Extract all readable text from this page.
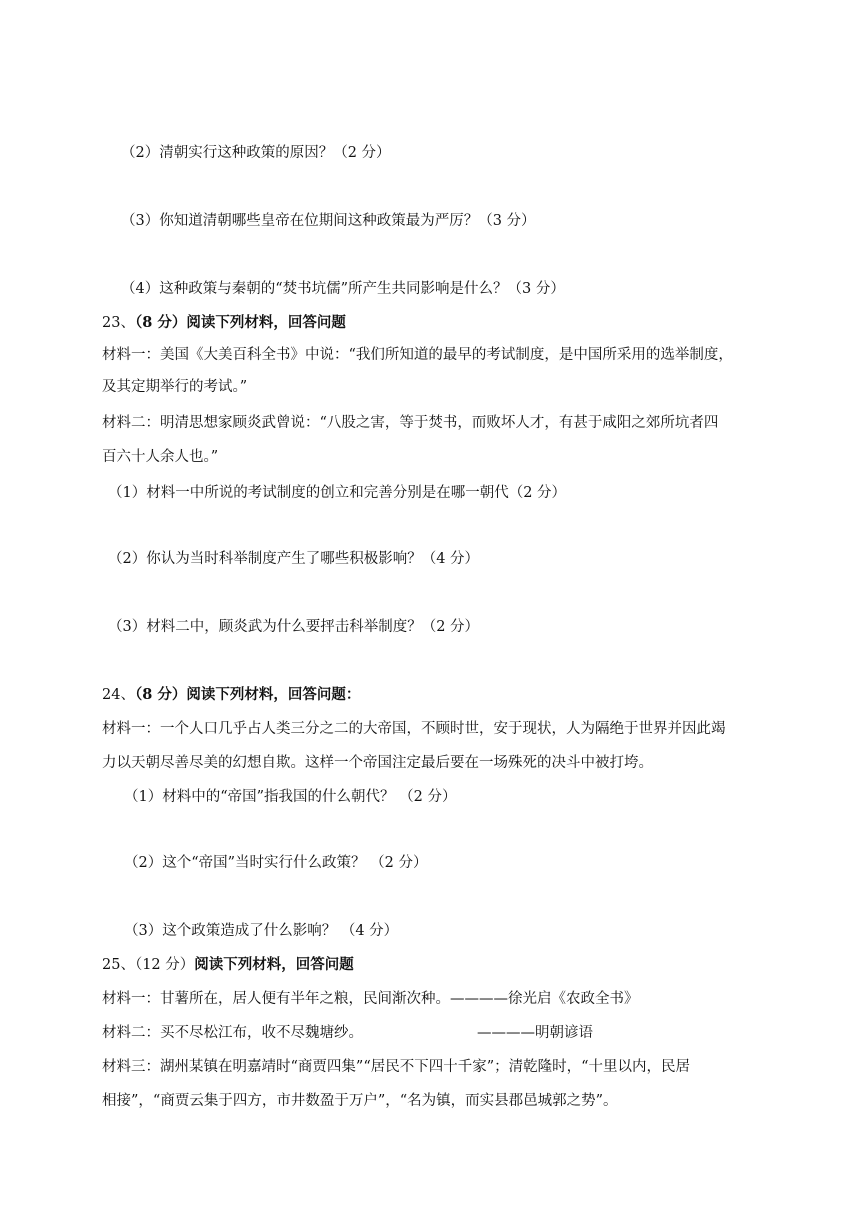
（2）清朝实行这种政策的原因？（2 分）
（3）你知道清朝哪些皇帝在位期间这种政策最为严厉？（3 分）
（4）这种政策与秦朝的“焚书坑儒”所产生共同影响是什么？（3 分）
23、（8 分）阅读下列材料，回答问题
材料一：美国《大美百科全书》中说：“我们所知道的最早的考试制度，是中国所采用的选举制度，
及其定期举行的考试。”
材料二：明清思想家顾炎武曾说：“八股之害，等于焚书，而败坏人才，有甚于咸阳之郊所坑者四
百六十人余人也。”
（1）材料一中所说的考试制度的创立和完善分别是在哪一朝代（2 分）
（2）你认为当时科举制度产生了哪些积极影响？（4 分）
（3）材料二中，顾炎武为什么要抨击科举制度？（2 分）
24、（8 分）阅读下列材料，回答问题：
材料一：一个人口几乎占人类三分之二的大帝国，不顾时世，安于现状，人为隔绝于世界并因此竭
力以天朝尽善尽美的幻想自欺。这样一个帝国注定最后要在一场殊死的决斗中被打垮。
（1）材料中的“帝国”指我国的什么朝代？ （2 分）
（2）这个“帝国”当时实行什么政策？ （2 分）
（3）这个政策造成了什么影响？ （4 分）
25、（12 分）阅读下列材料，回答问题
材料一：甘薯所在，居人便有半年之粮，民间渐次种。————徐光启《农政全书》
材料二：买不尽松江布，收不尽魏塘纱。	————明朝谚语
材料三：湖州某镇在明嘉靖时“商贾四集”“居民不下四十千家”；清乾隆时，“十里以内，民居
相接”，“商贾云集于四方，市井数盈于万户”，“名为镇，而实县郡邑城郭之势”。
